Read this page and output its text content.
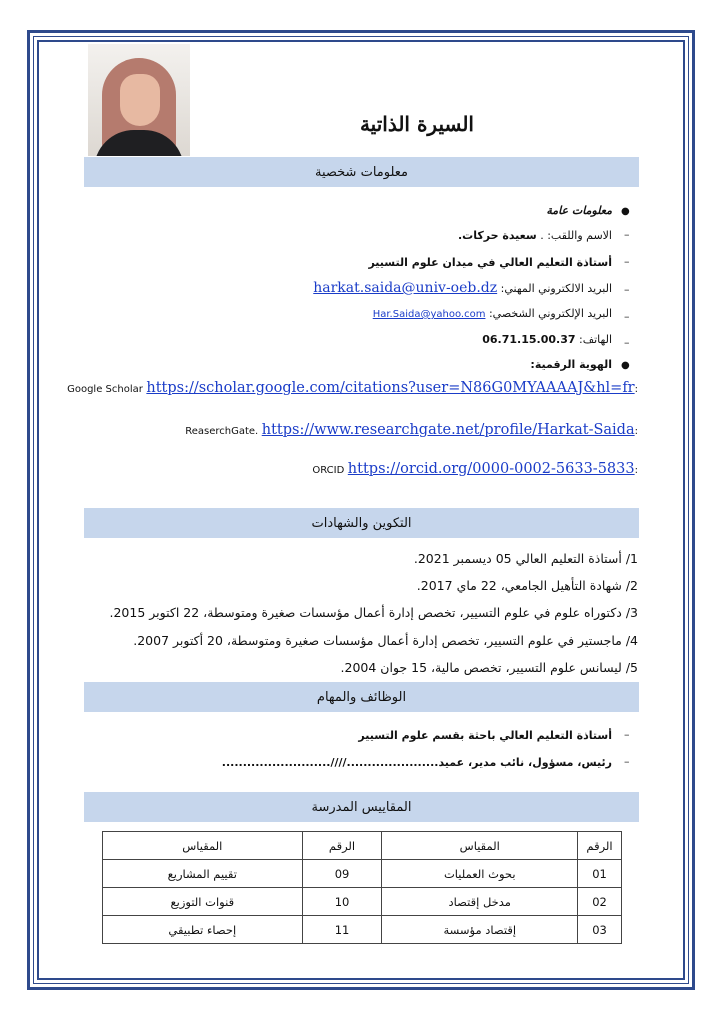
السيرة الذاتية
معلومات شخصية
●
معلومات عامة
–
الاسم واللقب: . سعيدة حركات.
–
أستاذة التعليم العالي في ميدان علوم التسيير
–
البريد الالكتروني المهني: harkat.saida@univ-oeb.dz
–
البريد الإلكتروني الشخصي: Har.Saida@yahoo.com
–
الهاتف: 06.71.15.00.37
●
الهوية الرقمية:
:Google Scholar https://scholar.google.com/citations?user=N86G0MYAAAAJ&hl=fr
:ReaserchGate. https://www.researchgate.net/profile/Harkat-Saida
:ORCID https://orcid.org/0000-0002-5633-5833
التكوين والشهادات
1/ أستاذة التعليم العالي 05 ديسمبر 2021.
2/ شهادة التأهيل الجامعي، 22 ماي 2017.
3/ دكتوراه علوم في علوم التسيير، تخصص إدارة أعمال مؤسسات صغيرة ومتوسطة، 22 اكتوبر 2015.
4/ ماجستير في علوم التسيير، تخصص إدارة أعمال مؤسسات صغيرة ومتوسطة، 20 أكتوبر 2007.
5/ ليسانس علوم التسيير، تخصص مالية، 15 جوان 2004.
الوظائف والمهام
–
أستاذة التعليم العالي باحثة بقسم علوم التسيير
–
رئيس، مسؤول، نائب مدير، عميد......................////..........................
المقاييس المدرسة
الرقم	المقياس	الرقم	المقياس
01	بحوث العمليات	09	تقييم المشاريع
02	مدخل إقتصاد	10	قنوات التوزيع
03	إقتصاد مؤسسة	11	إحصاء تطبيقي
